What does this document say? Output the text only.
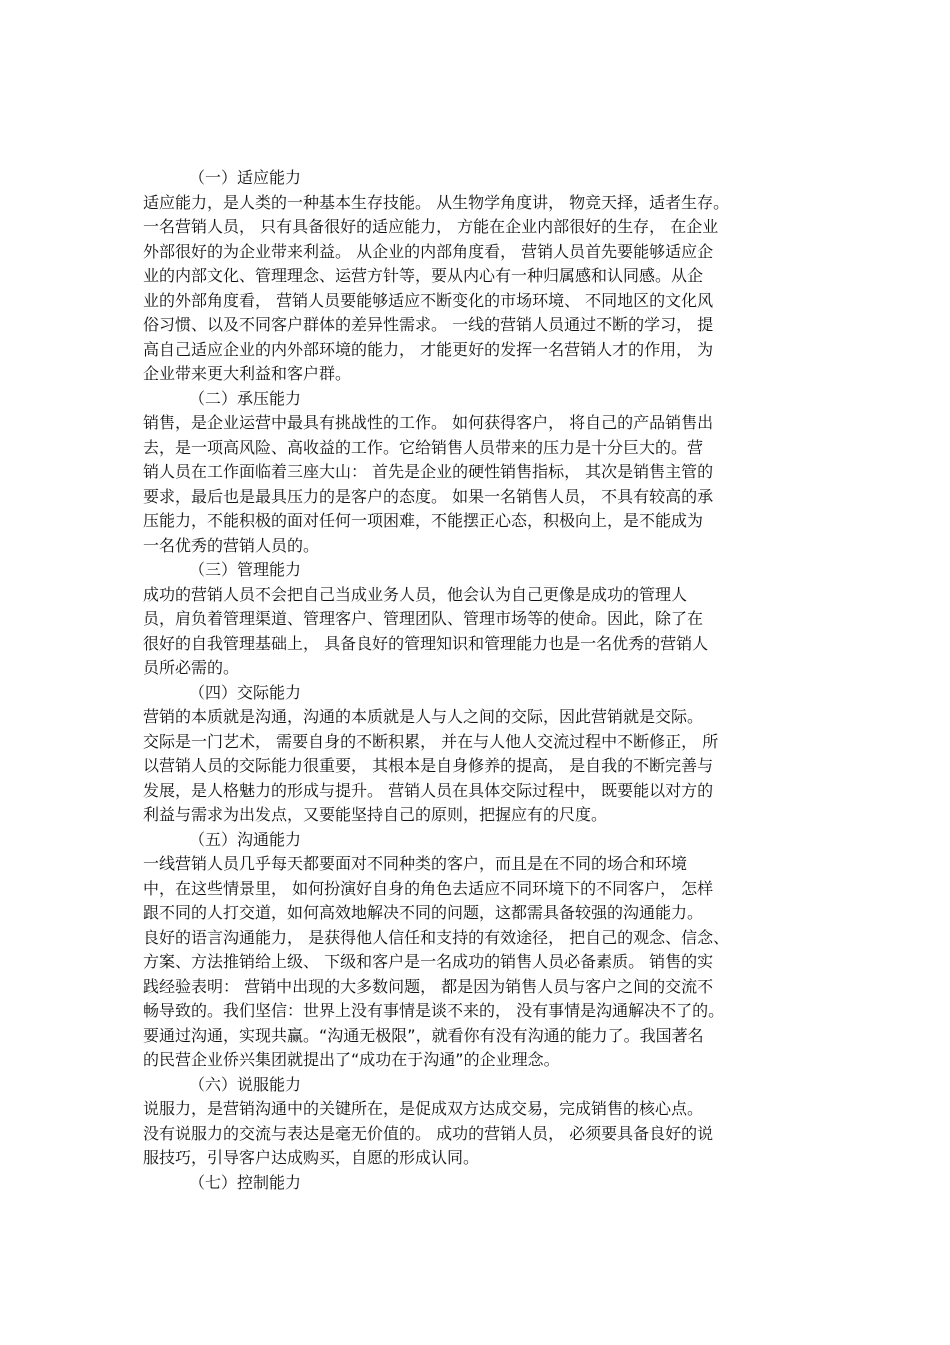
（一）适应能力
适应能力，是人类的一种基本生存技能。 从生物学角度讲， 物竞天择，适者生存。
一名营销人员， 只有具备很好的适应能力， 方能在企业内部很好的生存， 在企业
外部很好的为企业带来利益。 从企业的内部角度看， 营销人员首先要能够适应企
业的内部文化、管理理念、运营方针等，要从内心有一种归属感和认同感。从企
业的外部角度看， 营销人员要能够适应不断变化的市场环境、 不同地区的文化风
俗习惯、以及不同客户群体的差异性需求。 一线的营销人员通过不断的学习， 提
高自己适应企业的内外部环境的能力， 才能更好的发挥一名营销人才的作用， 为
企业带来更大利益和客户群。
（二）承压能力
销售，是企业运营中最具有挑战性的工作。 如何获得客户， 将自己的产品销售出
去，是一项高风险、高收益的工作。它给销售人员带来的压力是十分巨大的。营
销人员在工作面临着三座大山： 首先是企业的硬性销售指标， 其次是销售主管的
要求，最后也是最具压力的是客户的态度。 如果一名销售人员， 不具有较高的承
压能力，不能积极的面对任何一项困难，不能摆正心态，积极向上，是不能成为
一名优秀的营销人员的。
（三）管理能力
成功的营销人员不会把自己当成业务人员，他会认为自己更像是成功的管理人
员，肩负着管理渠道、管理客户、管理团队、管理市场等的使命。因此，除了在
很好的自我管理基础上， 具备良好的管理知识和管理能力也是一名优秀的营销人
员所必需的。
（四）交际能力
营销的本质就是沟通，沟通的本质就是人与人之间的交际，因此营销就是交际。
交际是一门艺术， 需要自身的不断积累， 并在与人他人交流过程中不断修正， 所
以营销人员的交际能力很重要， 其根本是自身修养的提高， 是自我的不断完善与
发展，是人格魅力的形成与提升。 营销人员在具体交际过程中， 既要能以对方的
利益与需求为出发点，又要能坚持自己的原则，把握应有的尺度。
（五）沟通能力
一线营销人员几乎每天都要面对不同种类的客户，而且是在不同的场合和环境
中，在这些情景里， 如何扮演好自身的角色去适应不同环境下的不同客户， 怎样
跟不同的人打交道，如何高效地解决不同的问题，这都需具备较强的沟通能力。
良好的语言沟通能力， 是获得他人信任和支持的有效途径， 把自己的观念、信念、
方案、方法推销给上级、 下级和客户是一名成功的销售人员必备素质。 销售的实
践经验表明： 营销中出现的大多数问题， 都是因为销售人员与客户之间的交流不
畅导致的。我们坚信：世界上没有事情是谈不来的， 没有事情是沟通解决不了的。
要通过沟通，实现共赢。“沟通无极限”，就看你有没有沟通的能力了。我国著名
的民营企业侨兴集团就提出了“成功在于沟通”的企业理念。
（六）说服能力
说服力，是营销沟通中的关键所在，是促成双方达成交易，完成销售的核心点。
没有说服力的交流与表达是毫无价值的。 成功的营销人员， 必须要具备良好的说
服技巧，引导客户达成购买，自愿的形成认同。
（七）控制能力
